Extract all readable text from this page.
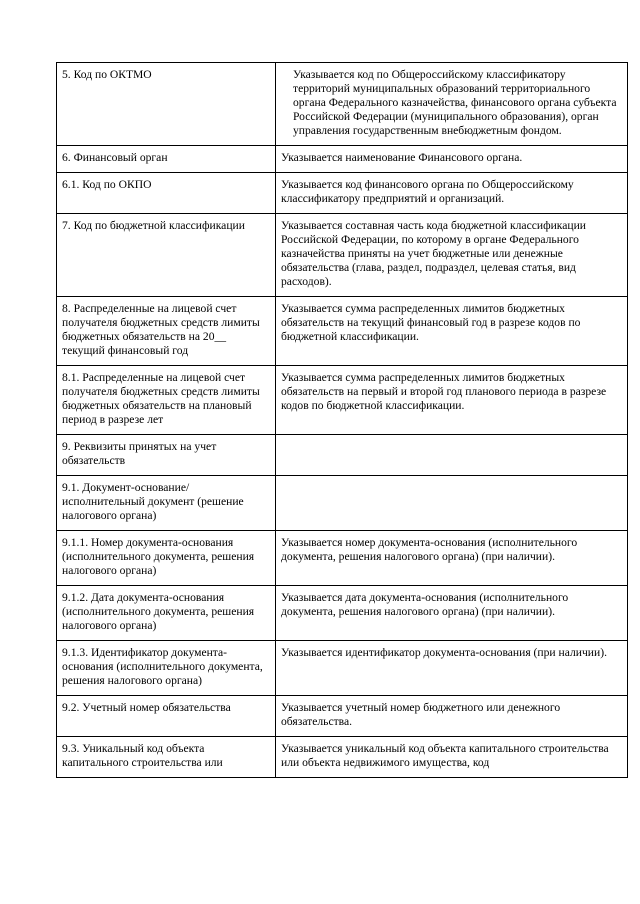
5. Код по ОКТМО	Указывается код по Общероссийскому классификатору территорий муниципальных образований территориального органа Федерального казначейства, финансового органа субъекта Российской Федерации (муниципального образования), орган управления государственным внебюджетным фондом.

6. Финансовый орган	Указывается наименование Финансового органа.
6.1. Код по ОКПО	Указывается код финансового органа по Общероссийскому классификатору предприятий и организаций.
7. Код по бюджетной классификации	Указывается составная часть кода бюджетной классификации Российской Федерации, по которому в органе Федерального казначейства приняты на учет бюджетные или денежные обязательства (глава, раздел, подраздел, целевая статья, вид расходов).
8. Распределенные на лицевой счет получателя бюджетных средств лимиты бюджетных обязательств на 20__ текущий финансовый год	Указывается сумма распределенных лимитов бюджетных обязательств на текущий финансовый год в разрезе кодов по бюджетной классификации.
8.1. Распределенные на лицевой счет получателя бюджетных средств лимиты бюджетных обязательств на плановый период в разрезе лет	Указывается сумма распределенных лимитов бюджетных обязательств на первый и второй год планового периода в разрезе кодов по бюджетной классификации.
9. Реквизиты принятых на учет обязательств	
9.1. Документ-основание/исполнительный документ (решение налогового органа)	
9.1.1. Номер документа-основания (исполнительного документа, решения налогового органа)	Указывается номер документа-основания (исполнительного документа, решения налогового органа) (при наличии).
9.1.2. Дата документа-основания (исполнительного документа, решения налогового органа)	Указывается дата документа-основания (исполнительного документа, решения налогового органа) (при наличии).
9.1.3. Идентификатор документа-основания (исполнительного документа, решения налогового органа)	Указывается идентификатор документа-основания (при наличии).
9.2. Учетный номер обязательства	Указывается учетный номер бюджетного или денежного обязательства.
9.3. Уникальный код объекта капитального строительства или	Указывается уникальный код объекта капитального строительства или объекта недвижимого имущества, код
